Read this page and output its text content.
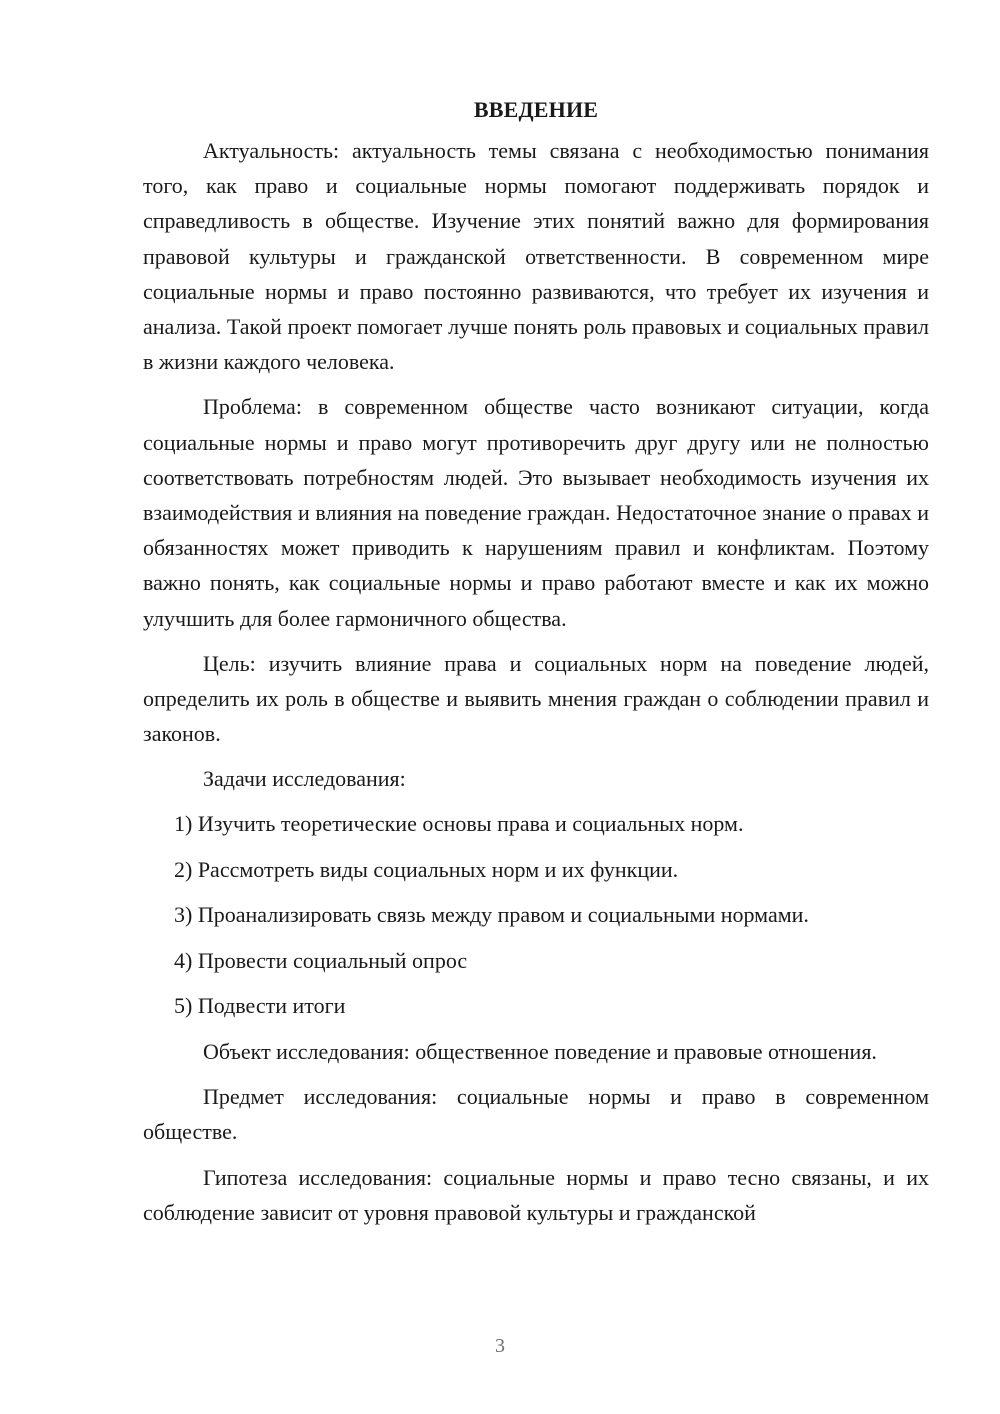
ВВЕДЕНИЕ

Актуальность: актуальность темы связана с необходимостью понимания того, как право и социальные нормы помогают поддерживать порядок и справедливость в обществе. Изучение этих понятий важно для формирования правовой культуры и гражданской ответственности. В современном мире социальные нормы и право постоянно развиваются, что требует их изучения и анализа. Такой проект помогает лучше понять роль правовых и социальных правил в жизни каждого человека.

Проблема: в современном обществе часто возникают ситуации, когда социальные нормы и право могут противоречить друг другу или не полностью соответствовать потребностям людей. Это вызывает необходимость изучения их взаимодействия и влияния на поведение граждан. Недостаточное знание о правах и обязанностях может приводить к нарушениям правил и конфликтам. Поэтому важно понять, как социальные нормы и право работают вместе и как их можно улучшить для более гармоничного общества.

Цель: изучить влияние права и социальных норм на поведение людей, определить их роль в обществе и выявить мнения граждан о соблюдении правил и законов.

Задачи исследования:
1) Изучить теоретические основы права и социальных норм.
2) Рассмотреть виды социальных норм и их функции.
3) Проанализировать связь между правом и социальными нормами.
4) Провести социальный опрос
5) Подвести итоги

Объект исследования: общественное поведение и правовые отношения.

Предмет исследования: социальные нормы и право в современном обществе.

Гипотеза исследования: социальные нормы и право тесно связаны, и их соблюдение зависит от уровня правовой культуры и гражданской

3
